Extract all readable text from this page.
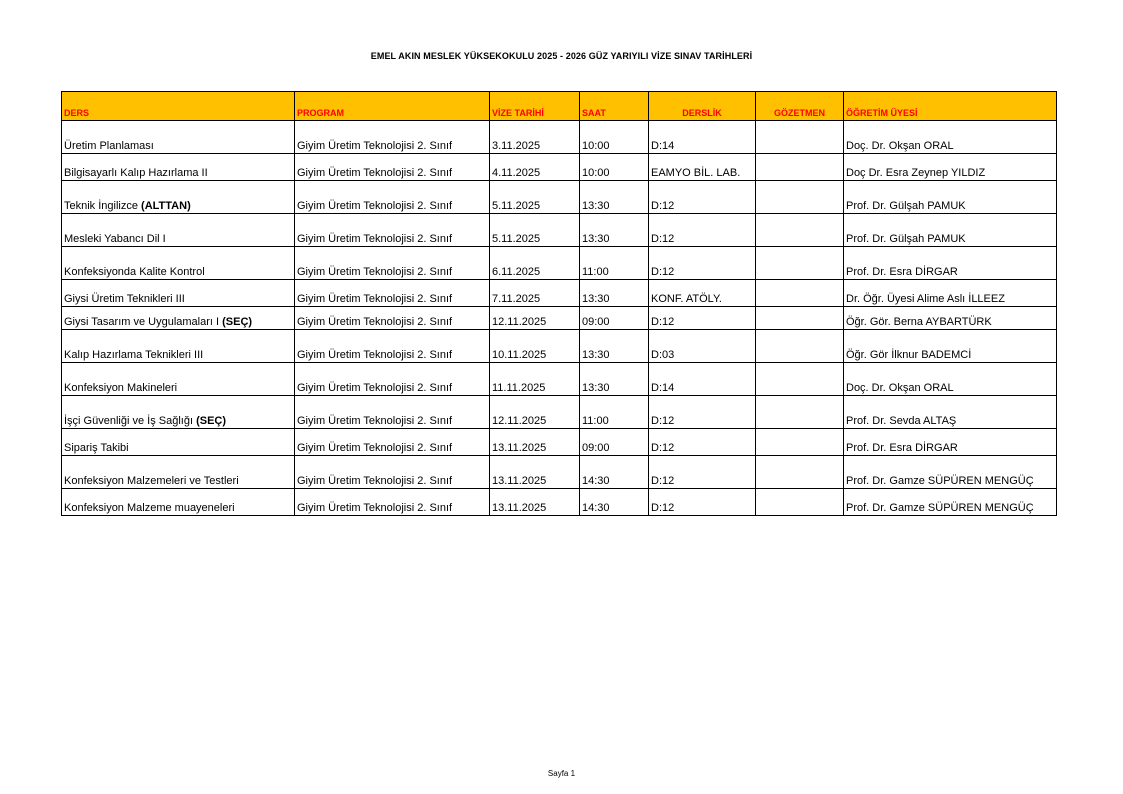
EMEL AKIN MESLEK YÜKSEKOKULU 2025 - 2026 GÜZ YARIYILI VİZE SINAV TARİHLERİ
DERS	PROGRAM	VİZE TARİHİ	SAAT	DERSLİK	GÖZETMEN	ÖĞRETİM ÜYESİ
Üretim Planlaması	Giyim Üretim Teknolojisi 2. Sınıf	3.11.2025	10:00	D:14		Doç. Dr. Okşan ORAL
Bilgisayarlı Kalıp Hazırlama II	Giyim Üretim Teknolojisi 2. Sınıf	4.11.2025	10:00	EAMYO BİL. LAB.		Doç Dr. Esra Zeynep YILDIZ
Teknik İngilizce (ALTTAN)	Giyim Üretim Teknolojisi 2. Sınıf	5.11.2025	13:30	D:12		Prof. Dr. Gülşah PAMUK
Mesleki Yabancı Dil I	Giyim Üretim Teknolojisi 2. Sınıf	5.11.2025	13:30	D:12		Prof. Dr. Gülşah PAMUK
Konfeksiyonda Kalite Kontrol	Giyim Üretim Teknolojisi 2. Sınıf	6.11.2025	11:00	D:12		Prof. Dr. Esra DİRGAR
Giysi Üretim Teknikleri III	Giyim Üretim Teknolojisi 2. Sınıf	7.11.2025	13:30	KONF. ATÖLY.		Dr. Öğr. Üyesi Alime Aslı İLLEEZ
Giysi Tasarım ve Uygulamaları I (SEÇ)	Giyim Üretim Teknolojisi 2. Sınıf	12.11.2025	09:00	D:12		Öğr. Gör. Berna AYBARTÜRK
Kalıp Hazırlama Teknikleri III	Giyim Üretim Teknolojisi 2. Sınıf	10.11.2025	13:30	D:03		Öğr. Gör İlknur BADEMCİ
Konfeksiyon Makineleri	Giyim Üretim Teknolojisi 2. Sınıf	11.11.2025	13:30	D:14		Doç. Dr. Okşan ORAL
İşçi Güvenliği ve İş Sağlığı (SEÇ)	Giyim Üretim Teknolojisi 2. Sınıf	12.11.2025	11:00	D:12		Prof. Dr. Sevda ALTAŞ
Sipariş Takibi	Giyim Üretim Teknolojisi 2. Sınıf	13.11.2025	09:00	D:12		Prof. Dr. Esra DİRGAR
Konfeksiyon Malzemeleri ve Testleri	Giyim Üretim Teknolojisi 2. Sınıf	13.11.2025	14:30	D:12		Prof. Dr. Gamze SÜPÜREN MENGÜÇ
Konfeksiyon Malzeme muayeneleri	Giyim Üretim Teknolojisi 2. Sınıf	13.11.2025	14:30	D:12		Prof. Dr. Gamze SÜPÜREN MENGÜÇ
Sayfa 1
